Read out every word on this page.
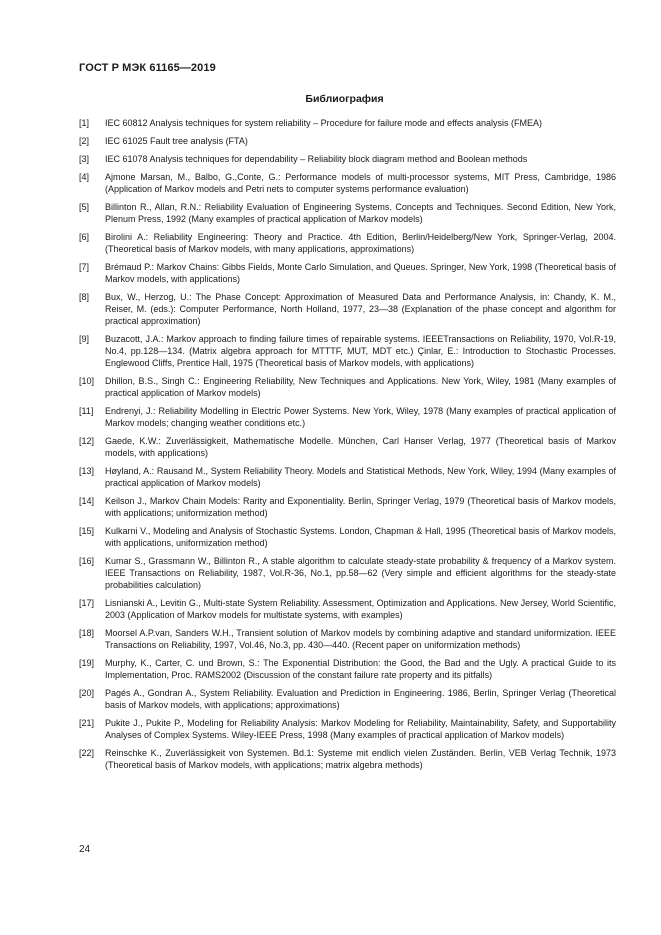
ГОСТ Р МЭК 61165—2019
Библиография
[1]	IEC 60812 Analysis techniques for system reliability – Procedure for failure mode and effects analysis (FMEA)
[2]	IEC 61025 Fault tree analysis (FTA)
[3]	IEC 61078 Analysis techniques for dependability – Reliability block diagram method and Boolean methods
[4]	Ajmone Marsan, M., Balbo, G.,Conte, G.: Performance models of multi-processor systems, MIT Press, Cambridge, 1986 (Application of Markov models and Petri nets to computer systems performance evaluation)
[5]	Billinton R., Allan, R.N.: Reliability Evaluation of Engineering Systems. Concepts and Techniques. Second Edition, New York, Plenum Press, 1992 (Many examples of practical application of Markov models)
[6]	Birolini A.: Reliability Engineering: Theory and Practice. 4th Edition, Berlin/Heidelberg/New York, Springer-Verlag, 2004. (Theoretical basis of Markov models, with many applications, approximations)
[7]	Brémaud P.: Markov Chains: Gibbs Fields, Monte Carlo Simulation, and Queues. Springer, New York, 1998 (Theoretical basis of Markov models, with applications)
[8]	Bux, W., Herzog, U.: The Phase Concept: Approximation of Measured Data and Performance Analysis, in: Chandy, K. M., Reiser, M. (eds.): Computer Performance, North Holland, 1977, 23—38 (Explanation of the phase concept and algorithm for practical approximation)
[9]	Buzacott, J.A.: Markov approach to finding failure times of repairable systems. IEEETransactions on Reliability, 1970, Vol.R-19, No.4, pp.128—134. (Matrix algebra approach for MTTTF, MUT, MDT etc.) Çinlar, E.: Introduction to Stochastic Processes. Englewood Cliffs, Prentice Hall, 1975 (Theoretical basis of Markov models, with applications)
[10]	Dhillon, B.S., Singh C.: Engineering Reliability, New Techniques and Applications. New York, Wiley, 1981 (Many examples of practical application of Markov models)
[11]	Endrenyi, J.: Reliability Modelling in Electric Power Systems. New York, Wiley, 1978 (Many examples of practical application of Markov models; changing weather conditions etc.)
[12]	Gaede, K.W.: Zuverlässigkeit, Mathematische Modelle. München, Carl Hanser Verlag, 1977 (Theoretical basis of Markov models, with applications)
[13]	Høyland, A.: Rausand M., System Reliability Theory. Models and Statistical Methods, New York, Wiley, 1994 (Many examples of practical application of Markov models)
[14]	Keilson J., Markov Chain Models: Rarity and Exponentiality. Berlin, Springer Verlag, 1979 (Theoretical basis of Markov models, with applications; uniformization method)
[15]	Kulkarni V., Modeling and Analysis of Stochastic Systems. London, Chapman & Hall, 1995 (Theoretical basis of Markov models, with applications, uniformization method)
[16]	Kumar S., Grassmann W., Billinton R., A stable algorithm to calculate steady-state probability & frequency of a Markov system. IEEE Transactions on Reliability, 1987, Vol.R-36, No.1, pp.58—62 (Very simple and efficient algorithms for the steady-state probabilities calculation)
[17]	Lisnianski A., Levitin G., Multi-state System Reliability. Assessment, Optimization and Applications. New Jersey, World Scientific, 2003 (Application of Markov models for multistate systems, with examples)
[18]	Moorsel A.P.van, Sanders W.H., Transient solution of Markov models by combining adaptive and standard uniformization. IEEE Transactions on Reliability, 1997, Vol.46, No.3, pp. 430—440. (Recent paper on uniformization methods)
[19]	Murphy, K., Carter, C. und Brown, S.: The Exponential Distribution: the Good, the Bad and the Ugly. A practical Guide to its Implementation, Proc. RAMS2002 (Discussion of the constant failure rate property and its pitfalls)
[20]	Pagés A., Gondran A., System Reliability. Evaluation and Prediction in Engineering. 1986, Berlin, Springer Verlag (Theoretical basis of Markov models, with applications; approximations)
[21]	Pukite J., Pukite P., Modeling for Reliability Analysis: Markov Modeling for Reliability, Maintainability, Safety, and Supportability Analyses of Complex Systems. Wiley-IEEE Press, 1998 (Many examples of practical application of Markov models)
[22]	Reinschke K., Zuverlässigkeit von Systemen. Bd.1: Systeme mit endlich vielen Zuständen. Berlin, VEB Verlag Technik, 1973 (Theoretical basis of Markov models, with applications; matrix algebra methods)
24
